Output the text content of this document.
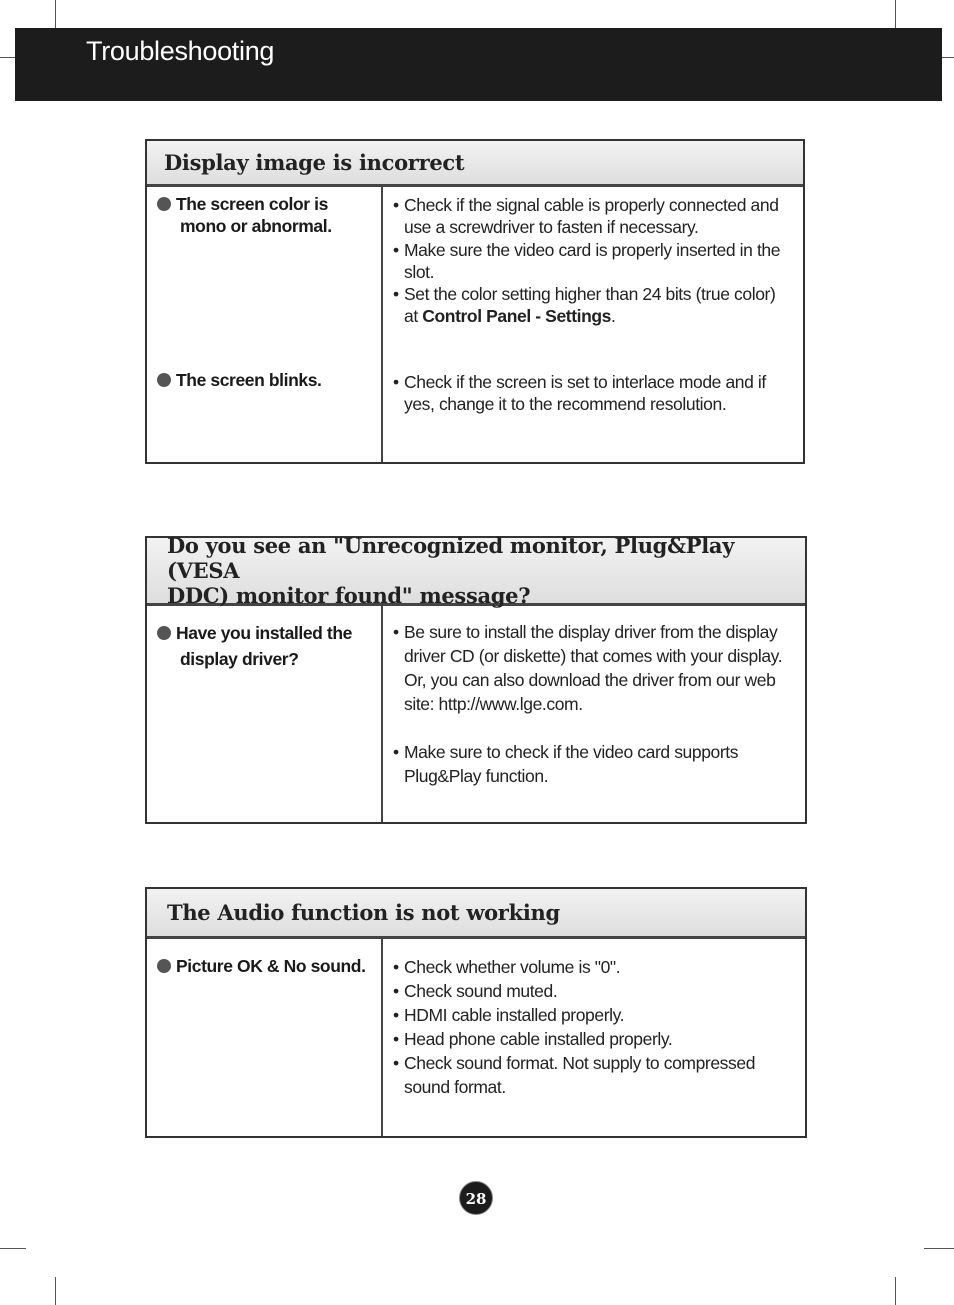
Troubleshooting
Display image is incorrect
The screen color is
mono or abnormal.
The screen blinks.
• Check if the signal cable is properly connected and use a screwdriver to fasten if necessary.
• Make sure the video card is properly inserted in the slot.
• Set the color setting higher than 24 bits (true color) at Control Panel - Settings.
• Check if the screen is set to interlace mode and if yes, change it to the recommend resolution.
Do you see an "Unrecognized monitor, Plug&Play (VESA
DDC) monitor found" message?
Have you installed the
display driver?
• Be sure to install the display driver from the display driver CD (or diskette) that comes with your display. Or, you can also download the driver from our web site: http://www.lge.com.
• Make sure to check if the video card supports Plug&Play function.
The Audio function is not working
Picture OK & No sound.
•	Check whether volume is "0".
• Check sound muted.
• HDMI cable installed properly.
• Head phone cable installed properly.
• Check sound format. Not supply to compressed sound format.
28
